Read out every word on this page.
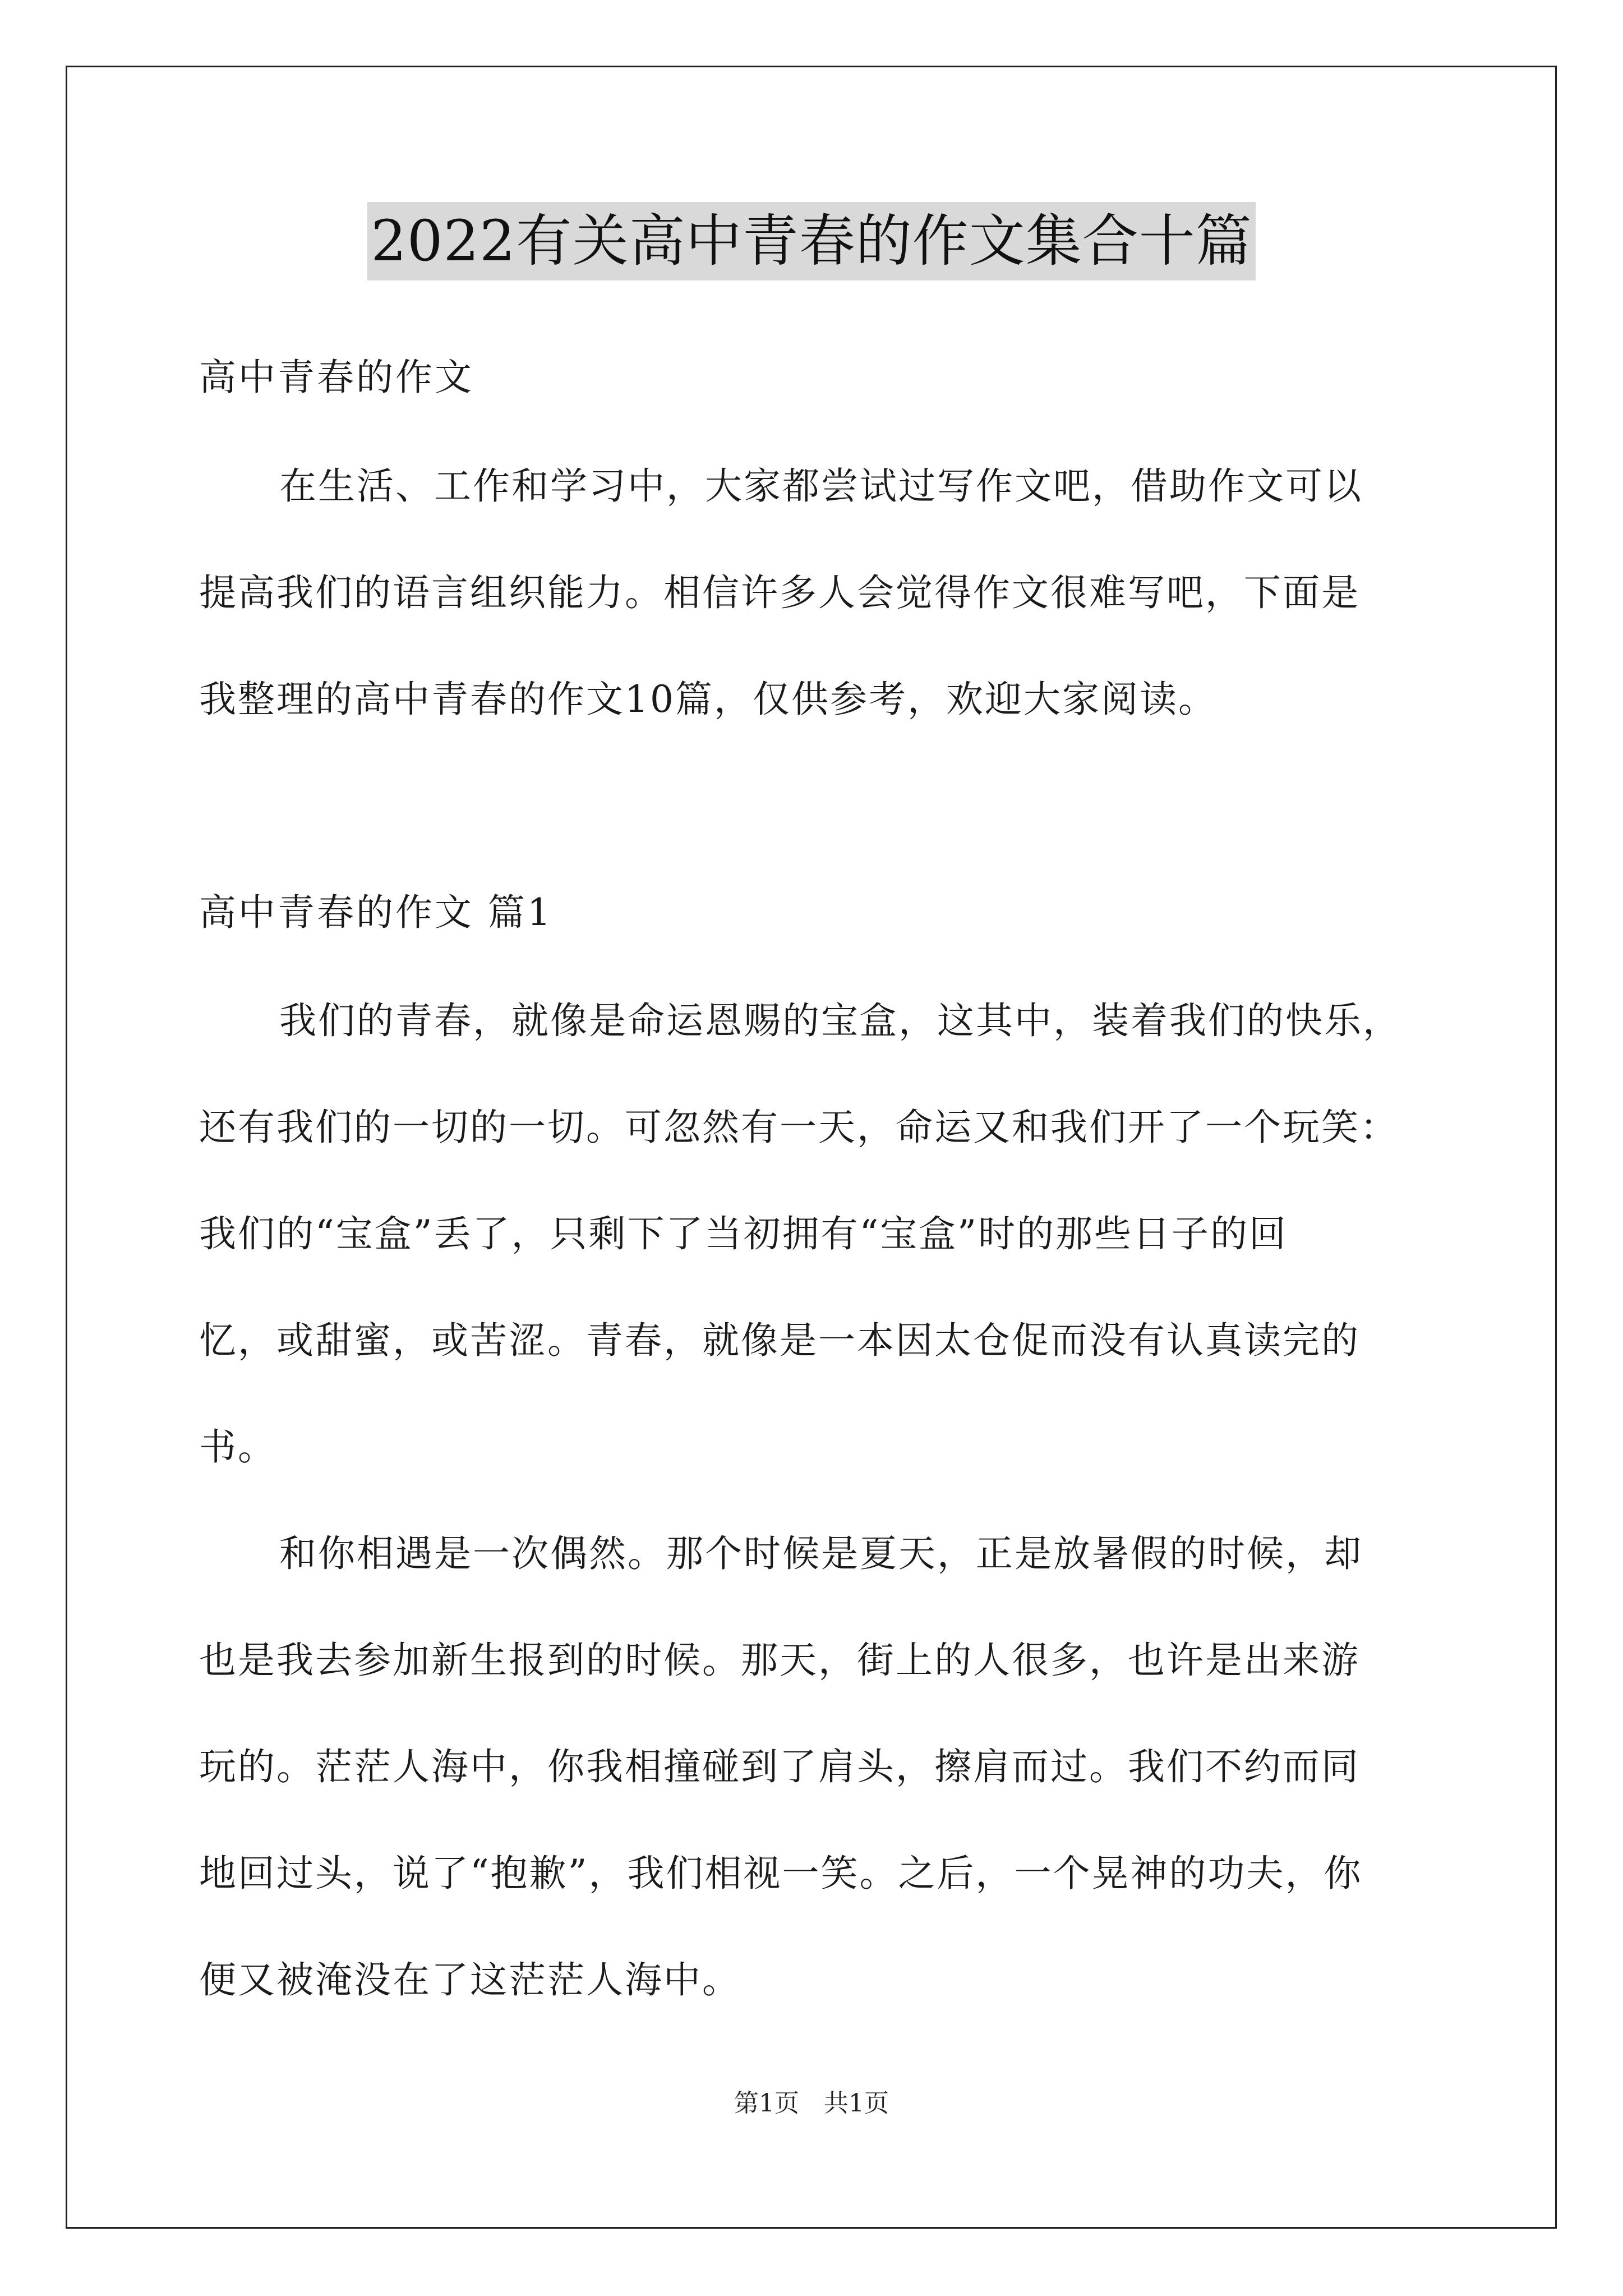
2022有关高中青春的作文集合十篇
高中青春的作文
在生活、工作和学习中，大家都尝试过写作文吧，借助作文可以
提高我们的语言组织能力。相信许多人会觉得作文很难写吧，下面是
我整理的高中青春的作文10篇，仅供参考，欢迎大家阅读。
高中青春的作文 篇1
我们的青春，就像是命运恩赐的宝盒，这其中，装着我们的快乐，
还有我们的一切的一切。可忽然有一天，命运又和我们开了一个玩笑：
我们的“宝盒”丢了，只剩下了当初拥有“宝盒”时的那些日子的回
忆，或甜蜜，或苦涩。青春，就像是一本因太仓促而没有认真读完的
书。
和你相遇是一次偶然。那个时候是夏天，正是放暑假的时候，却
也是我去参加新生报到的时候。那天，街上的人很多，也许是出来游
玩的。茫茫人海中，你我相撞碰到了肩头，擦肩而过。我们不约而同
地回过头，说了“抱歉”，我们相视一笑。之后，一个晃神的功夫，你
便又被淹没在了这茫茫人海中。
第1页　共1页
